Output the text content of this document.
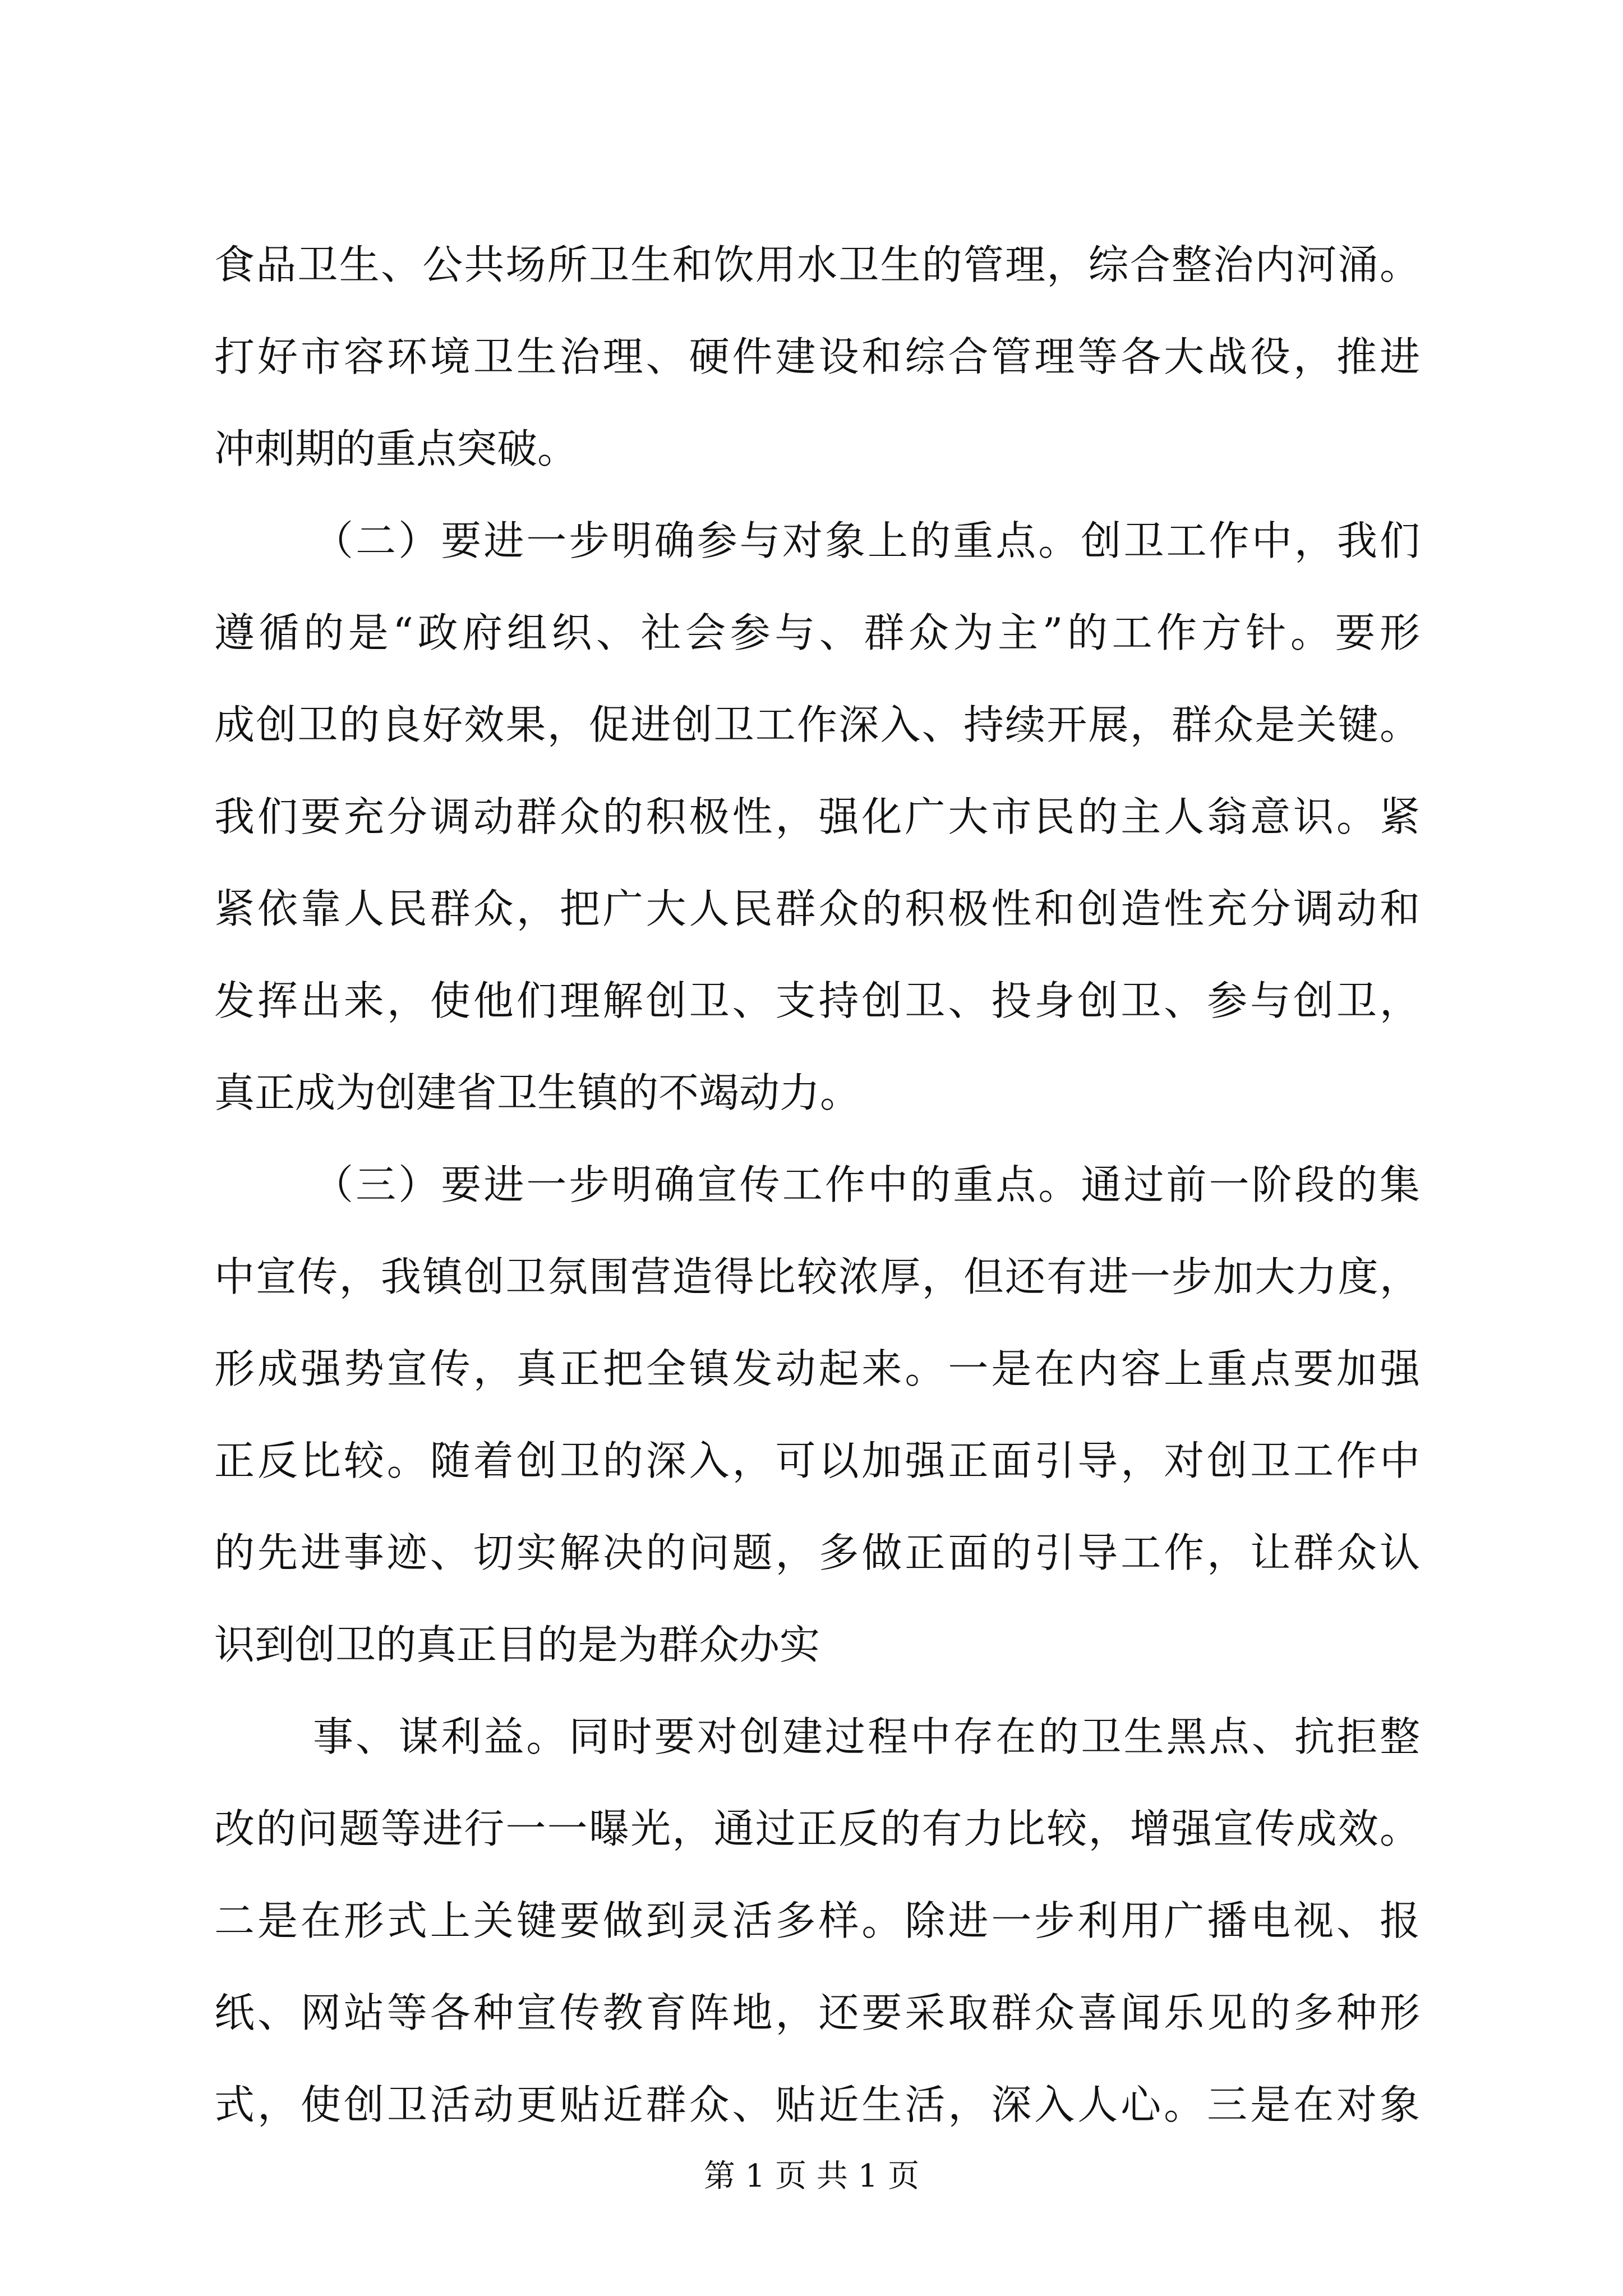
食品卫生、公共场所卫生和饮用水卫生的管理，综合整治内河涌。
打好市容环境卫生治理、硬件建设和综合管理等各大战役，推进
冲刺期的重点突破。
（二）要进一步明确参与对象上的重点。创卫工作中，我们
遵循的是“政府组织、社会参与、群众为主”的工作方针。要形
成创卫的良好效果，促进创卫工作深入、持续开展，群众是关键。
我们要充分调动群众的积极性，强化广大市民的主人翁意识。紧
紧依靠人民群众，把广大人民群众的积极性和创造性充分调动和
发挥出来，使他们理解创卫、支持创卫、投身创卫、参与创卫，
真正成为创建省卫生镇的不竭动力。
（三）要进一步明确宣传工作中的重点。通过前一阶段的集
中宣传，我镇创卫氛围营造得比较浓厚，但还有进一步加大力度，
形成强势宣传，真正把全镇发动起来。一是在内容上重点要加强
正反比较。随着创卫的深入，可以加强正面引导，对创卫工作中
的先进事迹、切实解决的问题，多做正面的引导工作，让群众认
识到创卫的真正目的是为群众办实
事、谋利益。同时要对创建过程中存在的卫生黑点、抗拒整
改的问题等进行一一曝光，通过正反的有力比较，增强宣传成效。
二是在形式上关键要做到灵活多样。除进一步利用广播电视、报
纸、网站等各种宣传教育阵地，还要采取群众喜闻乐见的多种形
式，使创卫活动更贴近群众、贴近生活，深入人心。三是在对象
第 1 页 共 1 页
